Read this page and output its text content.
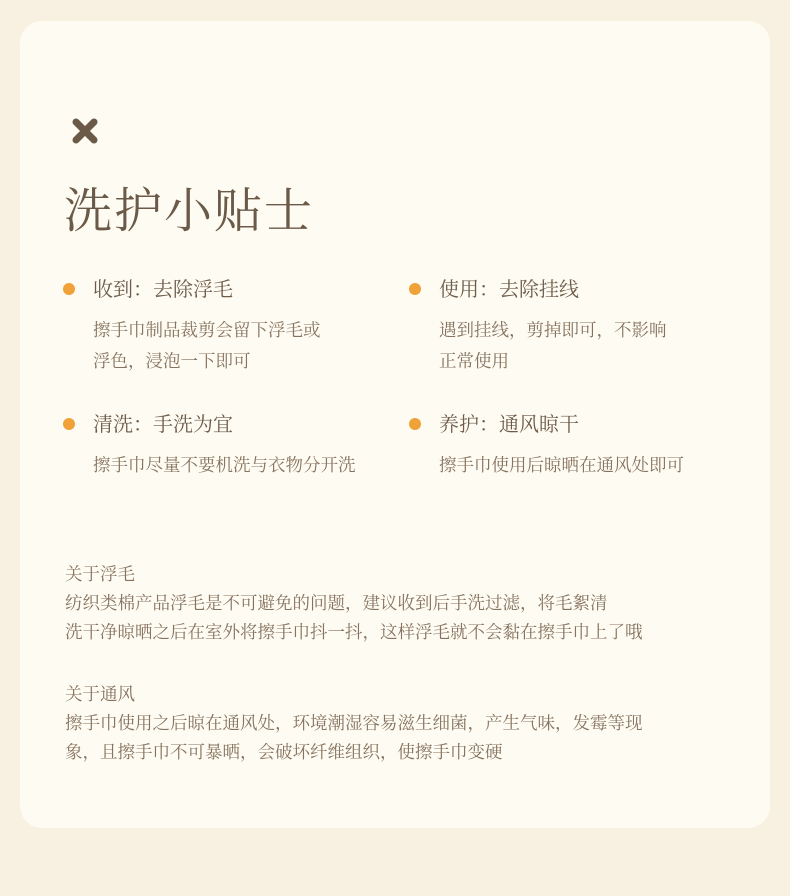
洗护小贴士
收到：去除浮毛
擦手巾制品裁剪会留下浮毛或
浮色，浸泡一下即可
使用：去除挂线
遇到挂线，剪掉即可，不影响
正常使用
清洗：手洗为宜
擦手巾尽量不要机洗与衣物分开洗
养护：通风晾干
擦手巾使用后晾晒在通风处即可
关于浮毛
纺织类棉产品浮毛是不可避免的问题，建议收到后手洗过滤，将毛絮清
洗干净晾晒之后在室外将擦手巾抖一抖，这样浮毛就不会黏在擦手巾上了哦
关于通风
擦手巾使用之后晾在通风处，环境潮湿容易滋生细菌，产生气味，发霉等现
象，且擦手巾不可暴晒，会破坏纤维组织，使擦手巾变硬
